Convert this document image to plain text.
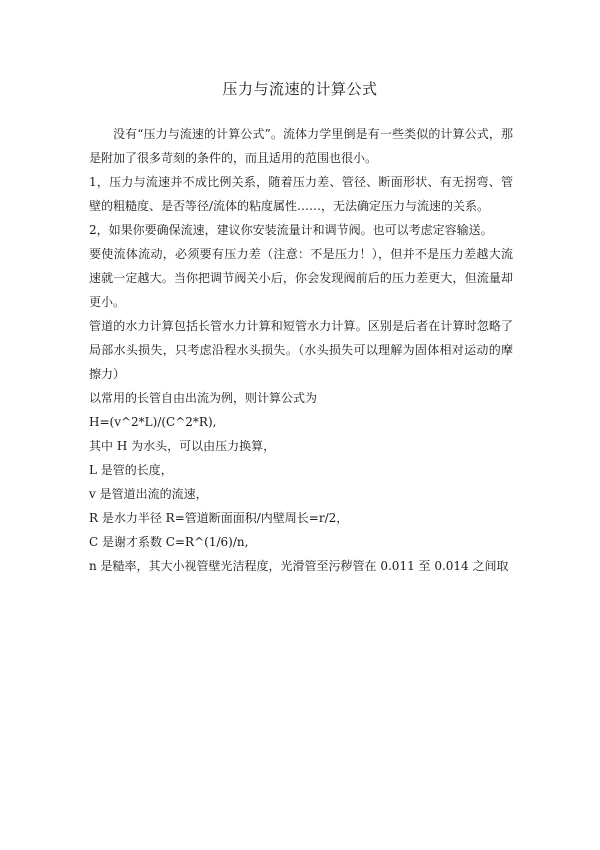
压力与流速的计算公式

没有“压力与流速的计算公式”。流体力学里倒是有一些类似的计算公式，那是附加了很多苛刻的条件的，而且适用的范围也很小。

1，压力与流速并不成比例关系，随着压力差、管径、断面形状、有无拐弯、管壁的粗糙度、是否等径/流体的粘度属性……，无法确定压力与流速的关系。

2，如果你要确保流速，建议你安装流量计和调节阀。也可以考虑定容输送。

要使流体流动，必须要有压力差（注意：不是压力！），但并不是压力差越大流速就一定越大。当你把调节阀关小后，你会发现阀前后的压力差更大，但流量却更小。

管道的水力计算包括长管水力计算和短管水力计算。区别是后者在计算时忽略了局部水头损失，只考虑沿程水头损失。（水头损失可以理解为固体相对运动的摩擦力）

以常用的长管自由出流为例，则计算公式为

H=(v^2*L)/(C^2*R),

其中 H 为水头，可以由压力换算，

L 是管的长度，

v 是管道出流的流速，

R 是水力半径 R=管道断面面积/内壁周长=r/2，

C 是谢才系数 C=R^(1/6)/n,

n 是糙率，其大小视管壁光洁程度，光滑管至污秽管在 0.011 至 0.014 之间取
